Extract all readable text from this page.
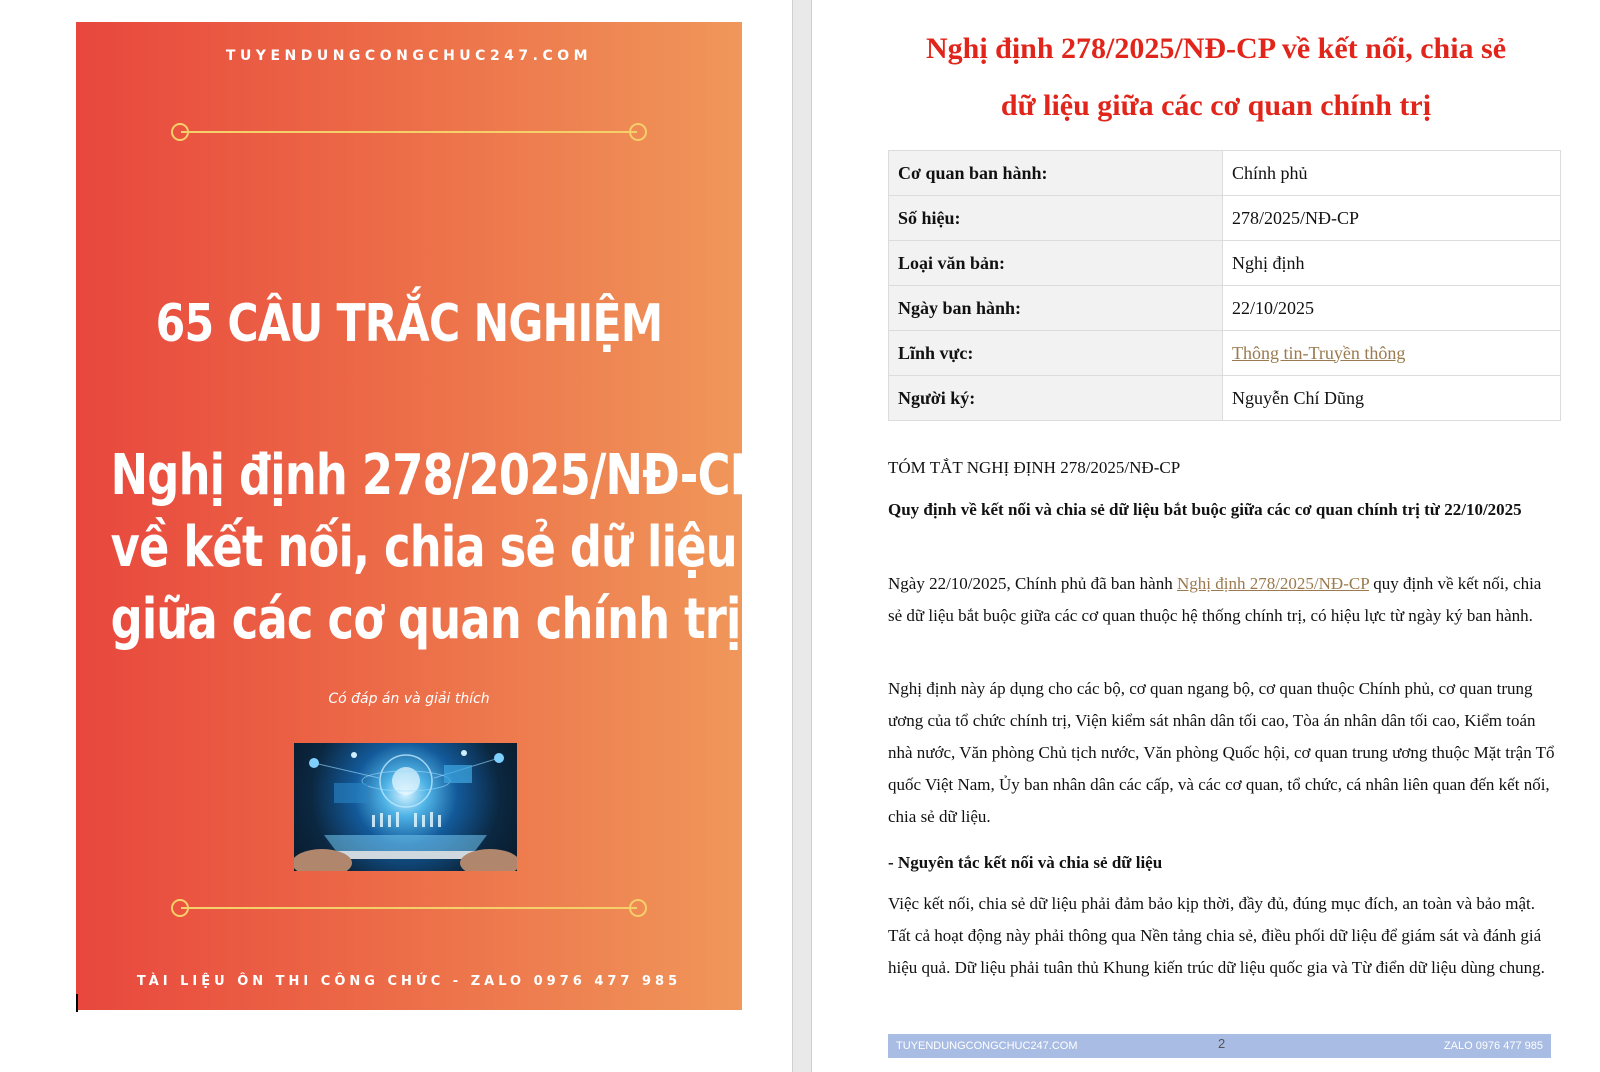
TUYENDUNGCONGCHUC247.COM
65 CÂU TRẮC NGHIỆM
Nghị định 278/2025/NĐ-CP
về kết nối, chia sẻ dữ liệu
giữa các cơ quan chính trị
Có đáp án và giải thích
TÀI LIỆU ÔN THI CÔNG CHỨC - ZALO 0976 477 985
Nghị định 278/2025/NĐ-CP về kết nối, chia sẻ
dữ liệu giữa các cơ quan chính trị
Cơ quan ban hành:	Chính phủ
Số hiệu:	278/2025/NĐ-CP
Loại văn bản:	Nghị định
Ngày ban hành:	22/10/2025
Lĩnh vực:	Thông tin-Truyền thông
Người ký:	Nguyễn Chí Dũng
TÓM TẮT NGHỊ ĐỊNH 278/2025/NĐ-CP
Quy định về kết nối và chia sẻ dữ liệu bắt buộc giữa các cơ quan chính trị từ 22/10/2025
Ngày 22/10/2025, Chính phủ đã ban hành Nghị định 278/2025/NĐ-CP quy định về kết nối, chia sẻ dữ liệu bắt buộc giữa các cơ quan thuộc hệ thống chính trị, có hiệu lực từ ngày ký ban hành.
Nghị định này áp dụng cho các bộ, cơ quan ngang bộ, cơ quan thuộc Chính phủ, cơ quan trung ương của tổ chức chính trị, Viện kiểm sát nhân dân tối cao, Tòa án nhân dân tối cao, Kiểm toán nhà nước, Văn phòng Chủ tịch nước, Văn phòng Quốc hội, cơ quan trung ương thuộc Mặt trận Tổ quốc Việt Nam, Ủy ban nhân dân các cấp, và các cơ quan, tổ chức, cá nhân liên quan đến kết nối, chia sẻ dữ liệu.
- Nguyên tắc kết nối và chia sẻ dữ liệu
Việc kết nối, chia sẻ dữ liệu phải đảm bảo kịp thời, đầy đủ, đúng mục đích, an toàn và bảo mật. Tất cả hoạt động này phải thông qua Nền tảng chia sẻ, điều phối dữ liệu để giám sát và đánh giá hiệu quả. Dữ liệu phải tuân thủ Khung kiến trúc dữ liệu quốc gia và Từ điển dữ liệu dùng chung.
TUYENDUNGCONGCHUC247.COM	2	ZALO 0976 477 985
